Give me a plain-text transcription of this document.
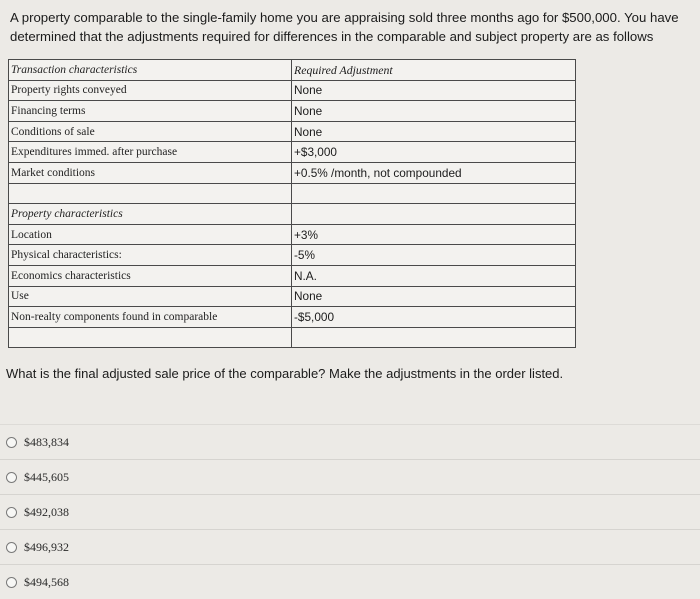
A property comparable to the single-family home you are appraising sold three months ago for $500,000. You have determined that the adjustments required for differences in the comparable and subject property are as follows
Transaction characteristics	Required Adjustment
Property rights conveyed	None
Financing terms	None
Conditions of sale	None
Expenditures immed. after purchase	+$3,000
Market conditions	+0.5% /month, not compounded

Property characteristics	
Location	+3%
Physical characteristics:	-5%
Economics characteristics	N.A.
Use	None
Non-realty components found in comparable	-$5,000

What is the final adjusted sale price of the comparable? Make the adjustments in the order listed.
$483,834
$445,605
$492,038
$496,932
$494,568
